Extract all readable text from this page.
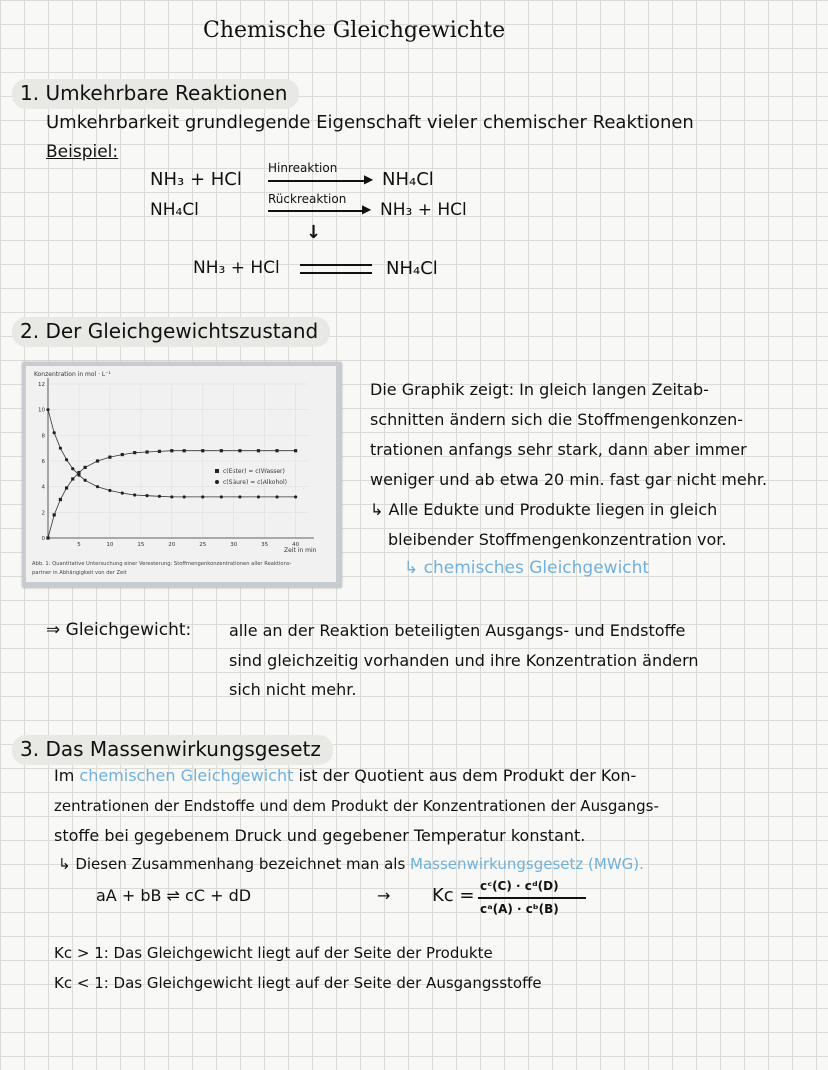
Chemische Gleichgewichte
1. Umkehrbare Reaktionen
Umkehrbarkeit grundlegende Eigenschaft vieler chemischer Reaktionen
Beispiel:
NH₃ + HCl
Hinreaktion
▶ NH₄Cl
NH₄Cl
Rückreaktion
▶ NH₃ + HCl
↓
NH₃ + HCl	NH₄Cl
2. Der Gleichgewichtszustand
Konzentration in mol · L⁻¹
Zeit in min
c(Ester) = c(Wasser)
c(Säure) = c(Alkohol)
Abb. 1: Quantitative Untersuchung einer Veresterung: Stoffmengenkonzentrationen aller Reaktions-
partner in Abhängigkeit von der Zeit
5	10	15	20	25	30	35	40
0
2
4
6
8
10
12	Die Graphik zeigt: In gleich langen Zeitab-
schnitten ändern sich die Stoffmengenkonzen-
trationen anfangs sehr stark, dann aber immer
weniger und ab etwa 20 min. fast gar nicht mehr.
↳ Alle Edukte und Produkte liegen in gleich
bleibender Stoffmengenkonzentration vor.
↳ chemisches Gleichgewicht
⇒ Gleichgewicht: alle an der Reaktion beteiligten Ausgangs- und Endstoffe
sind gleichzeitig vorhanden und ihre Konzentration ändern
sich nicht mehr.
3. Das Massenwirkungsgesetz
Im chemischen Gleichgewicht ist der Quotient aus dem Produkt der Kon-
zentrationen der Endstoffe und dem Produkt der Konzentrationen der Ausgangs-
stoffe bei gegebenem Druck und gegebener Temperatur konstant.
↳ Diesen Zusammenhang bezeichnet man als Massenwirkungsgesetz (MWG).
aA + bB ⇌ cC + dD	→ Kc = cᶜ(C) · cᵈ(D)
cᵃ(A) · cᵇ(B)
Kc > 1: Das Gleichgewicht liegt auf der Seite der Produkte
Kc < 1: Das Gleichgewicht liegt auf der Seite der Ausgangsstoffe
